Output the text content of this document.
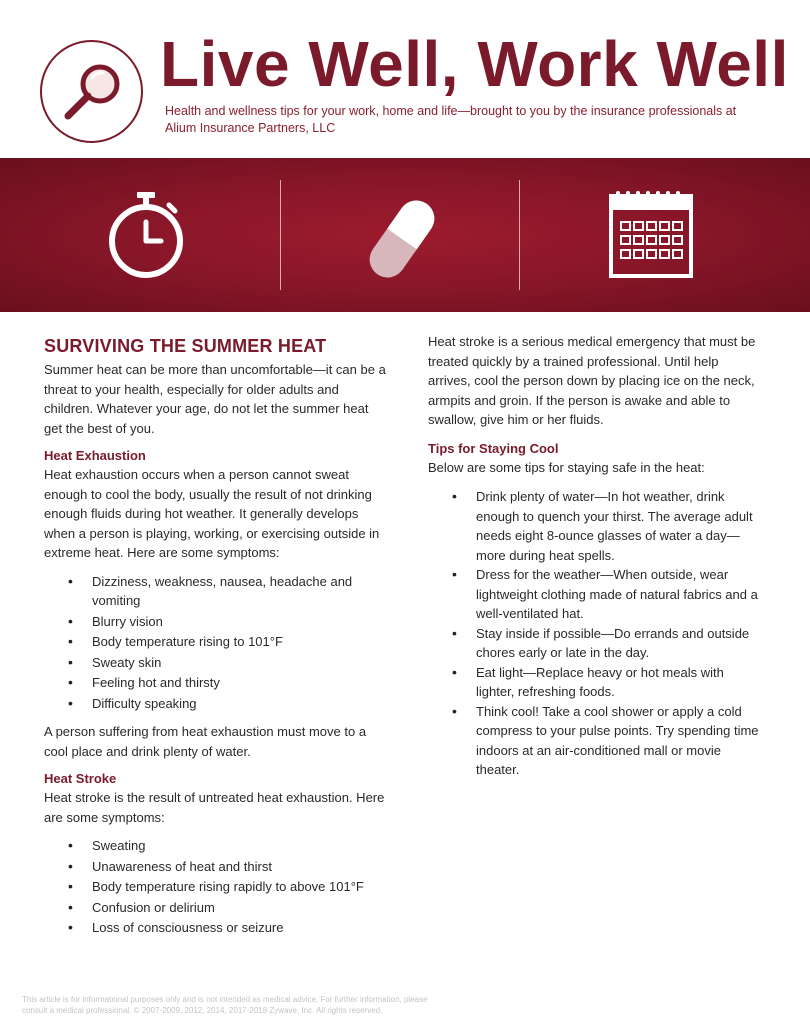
Live Well, Work Well
Health and wellness tips for your work, home and life—brought to you by the insurance professionals at Alium Insurance Partners, LLC
SURVIVING THE SUMMER HEAT

Summer heat can be more than uncomfortable—it can be a threat to your health, especially for older adults and children. Whatever your age, do not let the summer heat get the best of you.

Heat Exhaustion

Heat exhaustion occurs when a person cannot sweat enough to cool the body, usually the result of not drinking enough fluids during hot weather. It generally develops when a person is playing, working, or exercising outside in extreme heat. Here are some symptoms:

• Dizziness, weakness, nausea, headache and vomiting
• Blurry vision
• Body temperature rising to 101°F
• Sweaty skin
• Feeling hot and thirsty
• Difficulty speaking

A person suffering from heat exhaustion must move to a cool place and drink plenty of water.

Heat Stroke

Heat stroke is the result of untreated heat exhaustion. Here are some symptoms:

• Sweating
• Unawareness of heat and thirst
• Body temperature rising rapidly to above 101°F
• Confusion or delirium
• Loss of consciousness or seizure

Heat stroke is a serious medical emergency that must be treated quickly by a trained professional. Until help arrives, cool the person down by placing ice on the neck, armpits and groin. If the person is awake and able to swallow, give him or her fluids.

Tips for Staying Cool

Below are some tips for staying safe in the heat:

• Drink plenty of water—In hot weather, drink enough to quench your thirst. The average adult needs eight 8-ounce glasses of water a day—more during heat spells.
• Dress for the weather—When outside, wear lightweight clothing made of natural fabrics and a well-ventilated hat.
• Stay inside if possible—Do errands and outside chores early or late in the day.
• Eat light—Replace heavy or hot meals with lighter, refreshing foods.
• Think cool! Take a cool shower or apply a cold compress to your pulse points. Try spending time indoors at an air-conditioned mall or movie theater.
This article is for informational purposes only and is not intended as medical advice. For further information, please consult a medical professional. © 2007-2009, 2012, 2014, 2017-2018 Zywave, Inc. All rights reserved.
